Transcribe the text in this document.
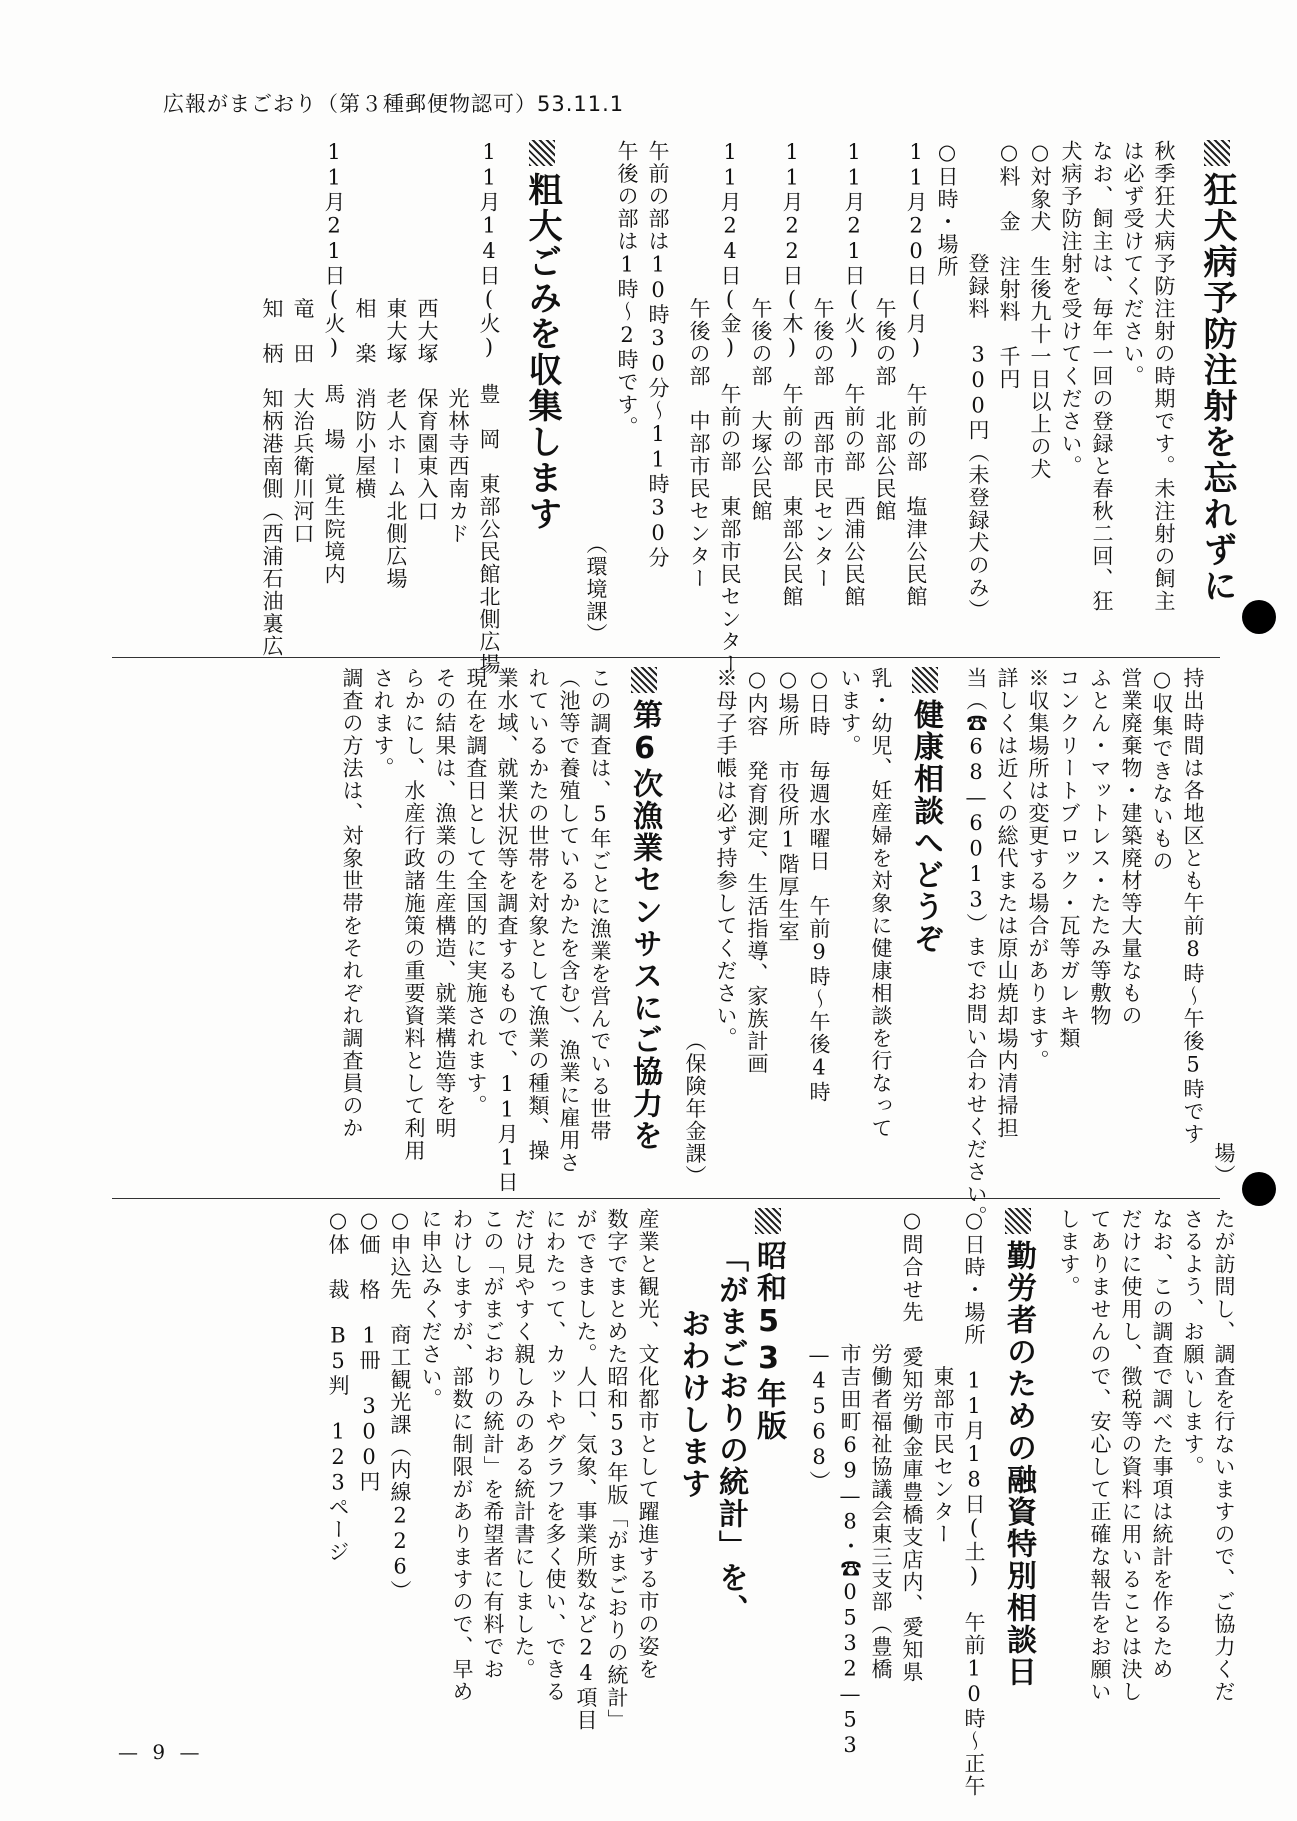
広報がまごおり（第３種郵便物認可）53.11.1
狂犬病予防注射を忘れずに
秋季狂犬病予防注射の時期です。未注射の飼主
は必ず受けてください。
なお、飼主は、毎年一回の登録と春秋二回、狂
犬病予防注射を受けてください。
○対象犬　生後九十一日以上の犬
○料　金　注射料　千円
　　　　　登録料　300円（未登録犬のみ）
○日時・場所
11月20日(月)　午前の部　塩津公民館
　　　　　　　午後の部　北部公民館
11月21日(火)　午前の部　西浦公民館
　　　　　　　午後の部　西部市民センター
11月22日(木)　午前の部　東部公民館
　　　　　　　午後の部　大塚公民館
11月24日(金)　午前の部　東部市民センター
　　　　　　　午後の部　中部市民センター
午前の部は10時30分〜11時30分
午後の部は1時〜2時です。
（環境課）
粗大ごみを収集します
11月14日(火)　豊　岡　東部公民館北側広場
　　　　　　　　　　　光林寺西南カド
　　　　　　　西大塚　保育園東入口
　　　　　　　東大塚　老人ホーム北側広場
　　　　　　　相　楽　消防小屋横
11月21日(火)　馬　場　覚生院境内
　　　　　　　竜　田　大治兵衛川河口
　　　　　　　知　柄　知柄港南側（西浦石油裏広
場）
持出時間は各地区とも午前8時〜午後5時です
○収集できないもの
営業廃棄物・建築廃材等大量なもの
ふとん・マットレス・たたみ等敷物
コンクリートブロック・瓦等ガレキ類
※収集場所は変更する場合があります。
詳しくは近くの総代または原山焼却場内清掃担
当（☎68—6013）までお問い合わせください。
健康相談へどうぞ
乳・幼児、妊産婦を対象に健康相談を行なって
います。
○日時　毎週水曜日　午前9時〜午後4時
○場所　市役所1階厚生室
○内容　発育測定、生活指導、家族計画
※母子手帳は必ず持参してください。
（保険年金課）
第6次漁業センサスにご協力を
この調査は、5年ごとに漁業を営んでいる世帯
（池等で養殖しているかたを含む）、漁業に雇用さ
れているかたの世帯を対象として漁業の種類、操
業水域、就業状況等を調査するもので、11月1日
現在を調査日として全国的に実施されます。
その結果は、漁業の生産構造、就業構造等を明
らかにし、水産行政諸施策の重要資料として利用
されます。
調査の方法は、対象世帯をそれぞれ調査員のか
たが訪問し、調査を行ないますので、ご協力くだ
さるよう、お願いします。
なお、この調査で調べた事項は統計を作るため
だけに使用し、徴税等の資料に用いることは決し
てありませんので、安心して正確な報告をお願い
します。
勤労者のための融資特別相談日
○日時・場所　11月18日(土)　午前10時〜正午
　　　　　　　東部市民センター
○問合せ先　愛知労働金庫豊橋支店内、愛知県
　　　　　　労働者福祉協議会東三支部（豊橋
　　　　　　市吉田町69—8・☎0532—53
　　　　　　—4568）
昭和53年版
「がまごおりの統計」を、
おわけします
産業と観光、文化都市として躍進する市の姿を
数字でまとめた昭和53年版「がまごおりの統計」
ができました。人口、気象、事業所数など24項目
にわたって、カットやグラフを多く使い、できる
だけ見やすく親しみのある統計書にしました。
この「がまごおりの統計」を希望者に有料でお
わけしますが、部数に制限がありますので、早め
に申込みください。
○申込先　商工観光課（内線226）
○価　格　1冊　300円
○体　裁　B5判　123ページ
— 9 —
